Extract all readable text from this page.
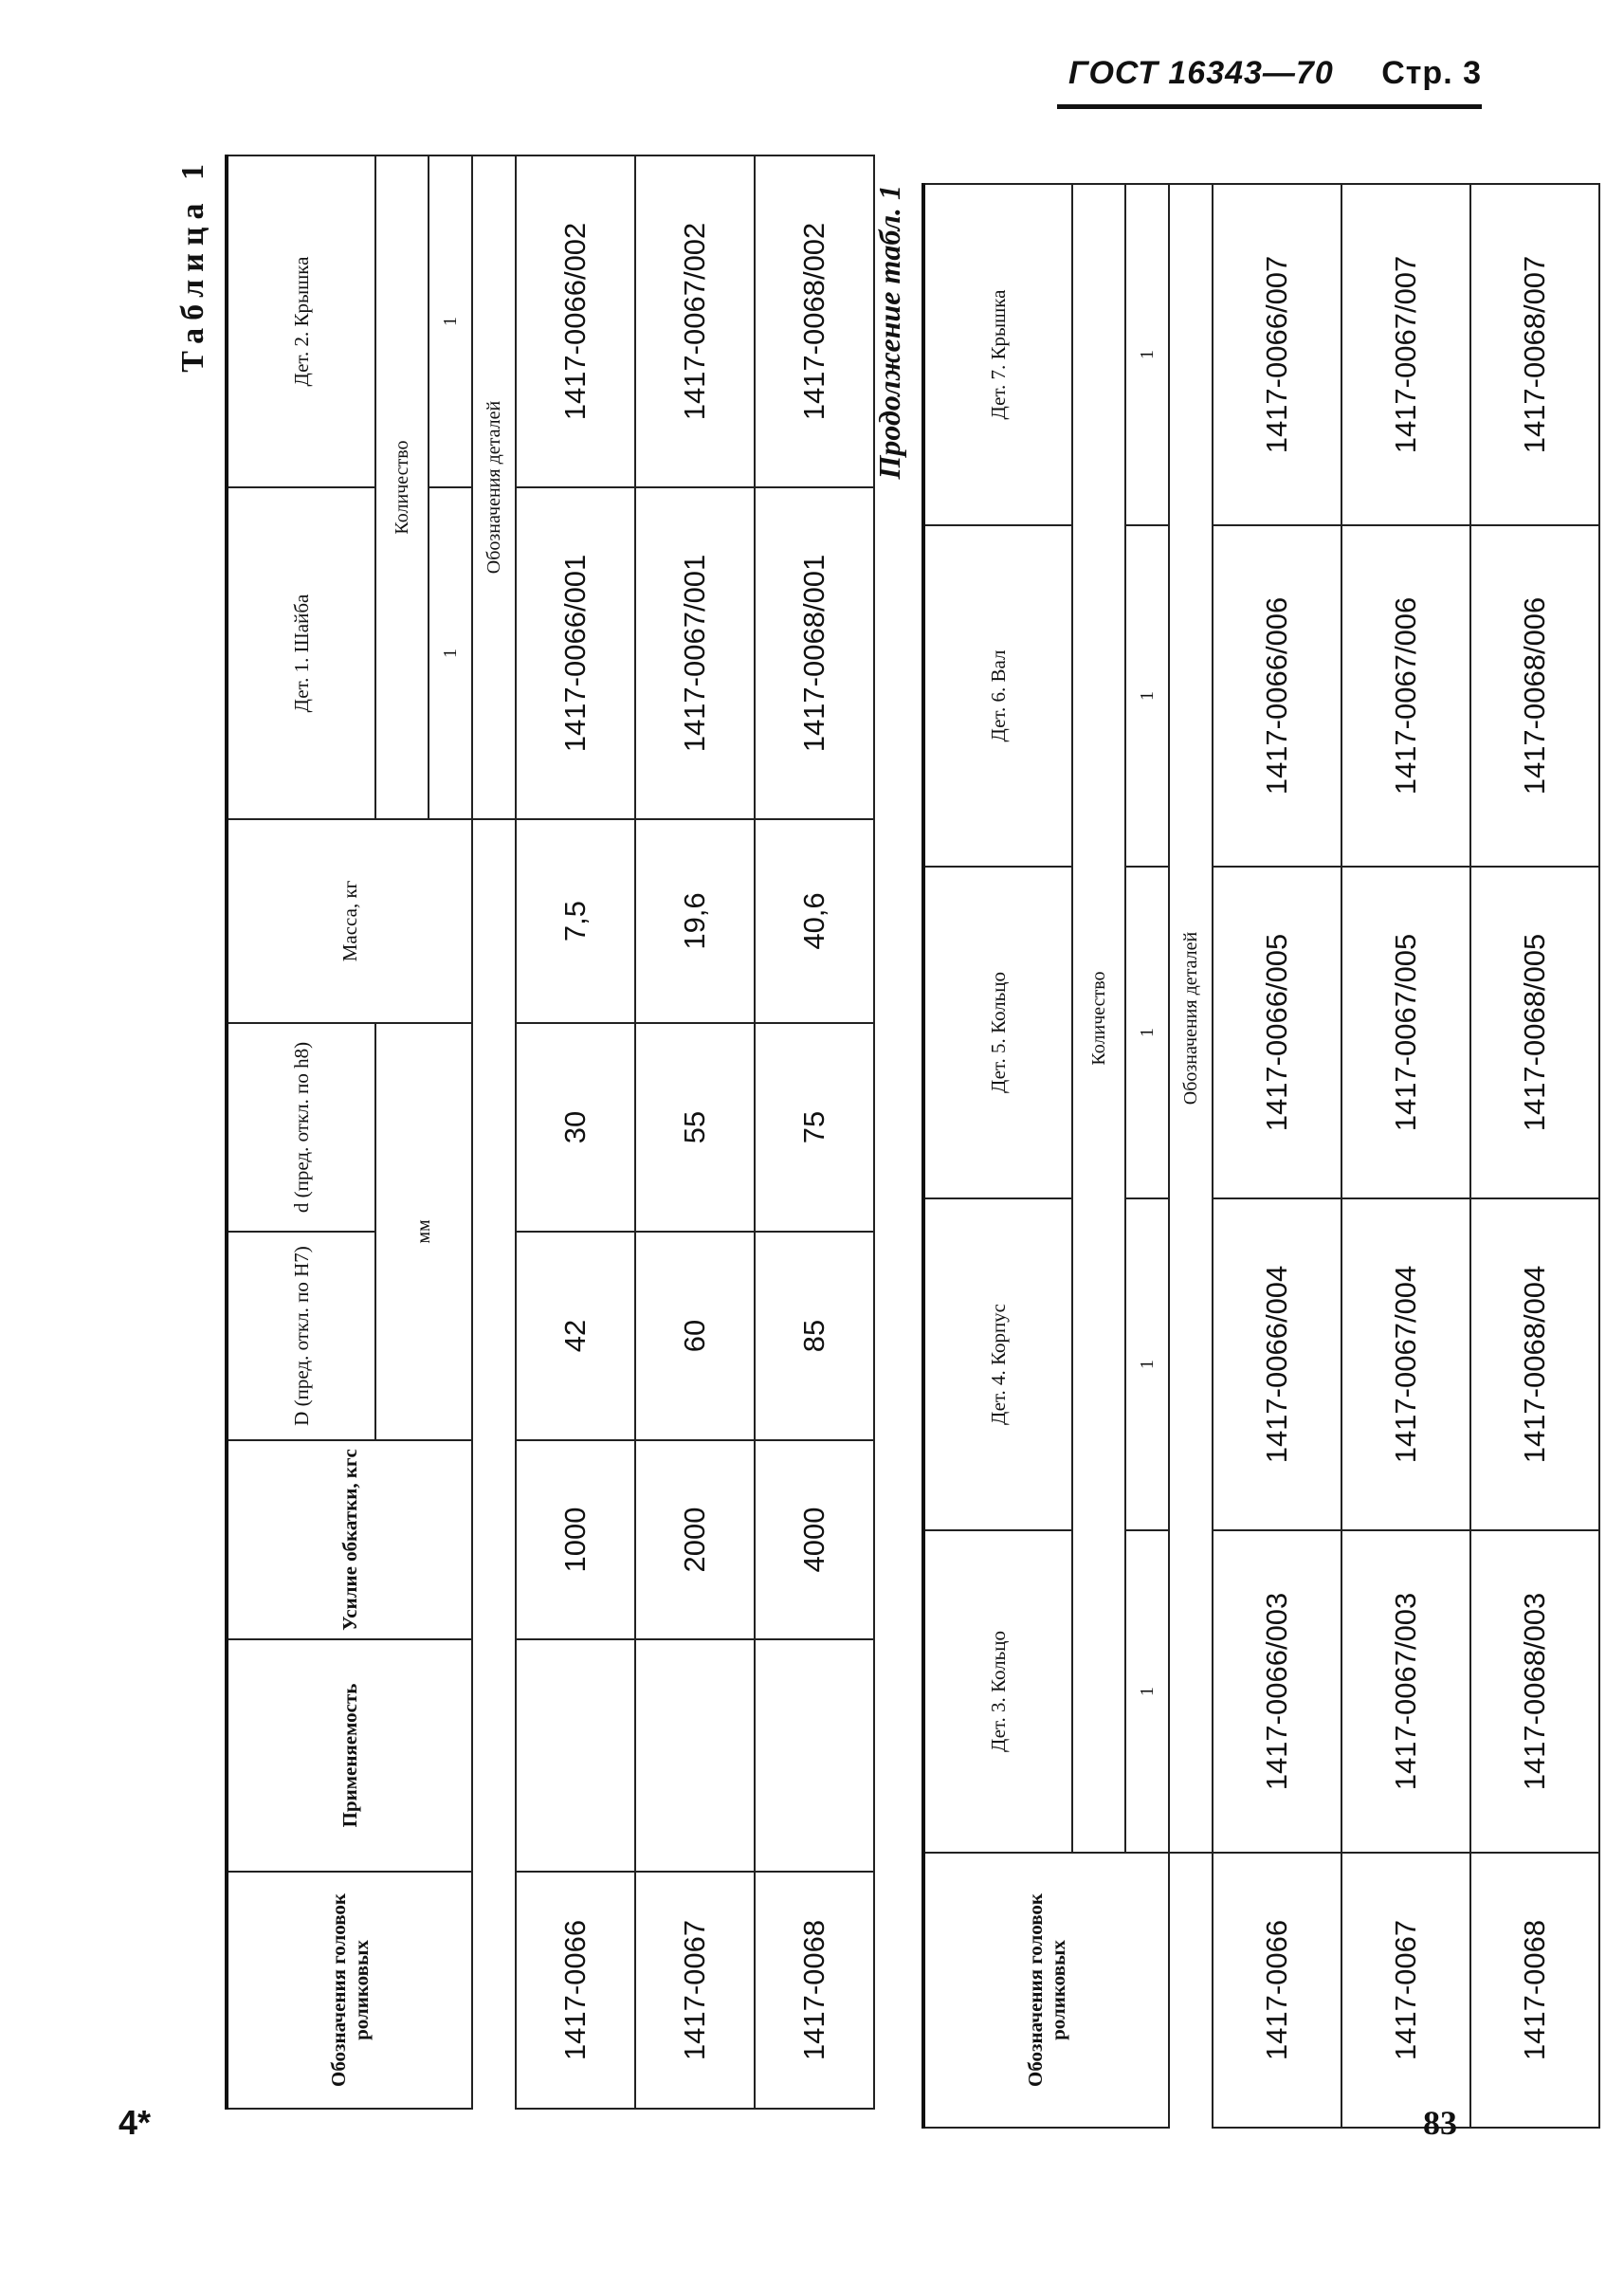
ГОСТ 16343—70 Стр. 3
Таблица 1
Обозначения головок роликовых	Применяемость	Усилие обкатки, кгс	D (пред. откл. по H7)	d (пред. откл. по h8)	Масса, кг	Дет. 1. Шайба	Дет. 2. Крышка
			мм			Количество	
						1	1
						Обозначения деталей	
1417-0066		1000	42	30	7,5	1417-0066/001	1417-0066/002
1417-0067		2000	60	55	19,6	1417-0067/001	1417-0067/002
1417-0068		4000	85	75	40,6	1417-0068/001	1417-0068/002 Продолжение табл. 1
Обозначения головок роликовых	Дет. 3. Кольцо	Дет. 4. Корпус	Дет. 5. Кольцо	Дет. 6. Вал	Дет. 7. Крышка
	Количество				
	1	1	1	1	1
	Обозначения деталей				
1417-0066	1417-0066/003	1417-0066/004	1417-0066/005	1417-0066/006	1417-0066/007
1417-0067	1417-0067/003	1417-0067/004	1417-0067/005	1417-0067/006	1417-0067/007
1417-0068	1417-0068/003	1417-0068/004	1417-0068/005	1417-0068/006	1417-0068/007
4*	83
